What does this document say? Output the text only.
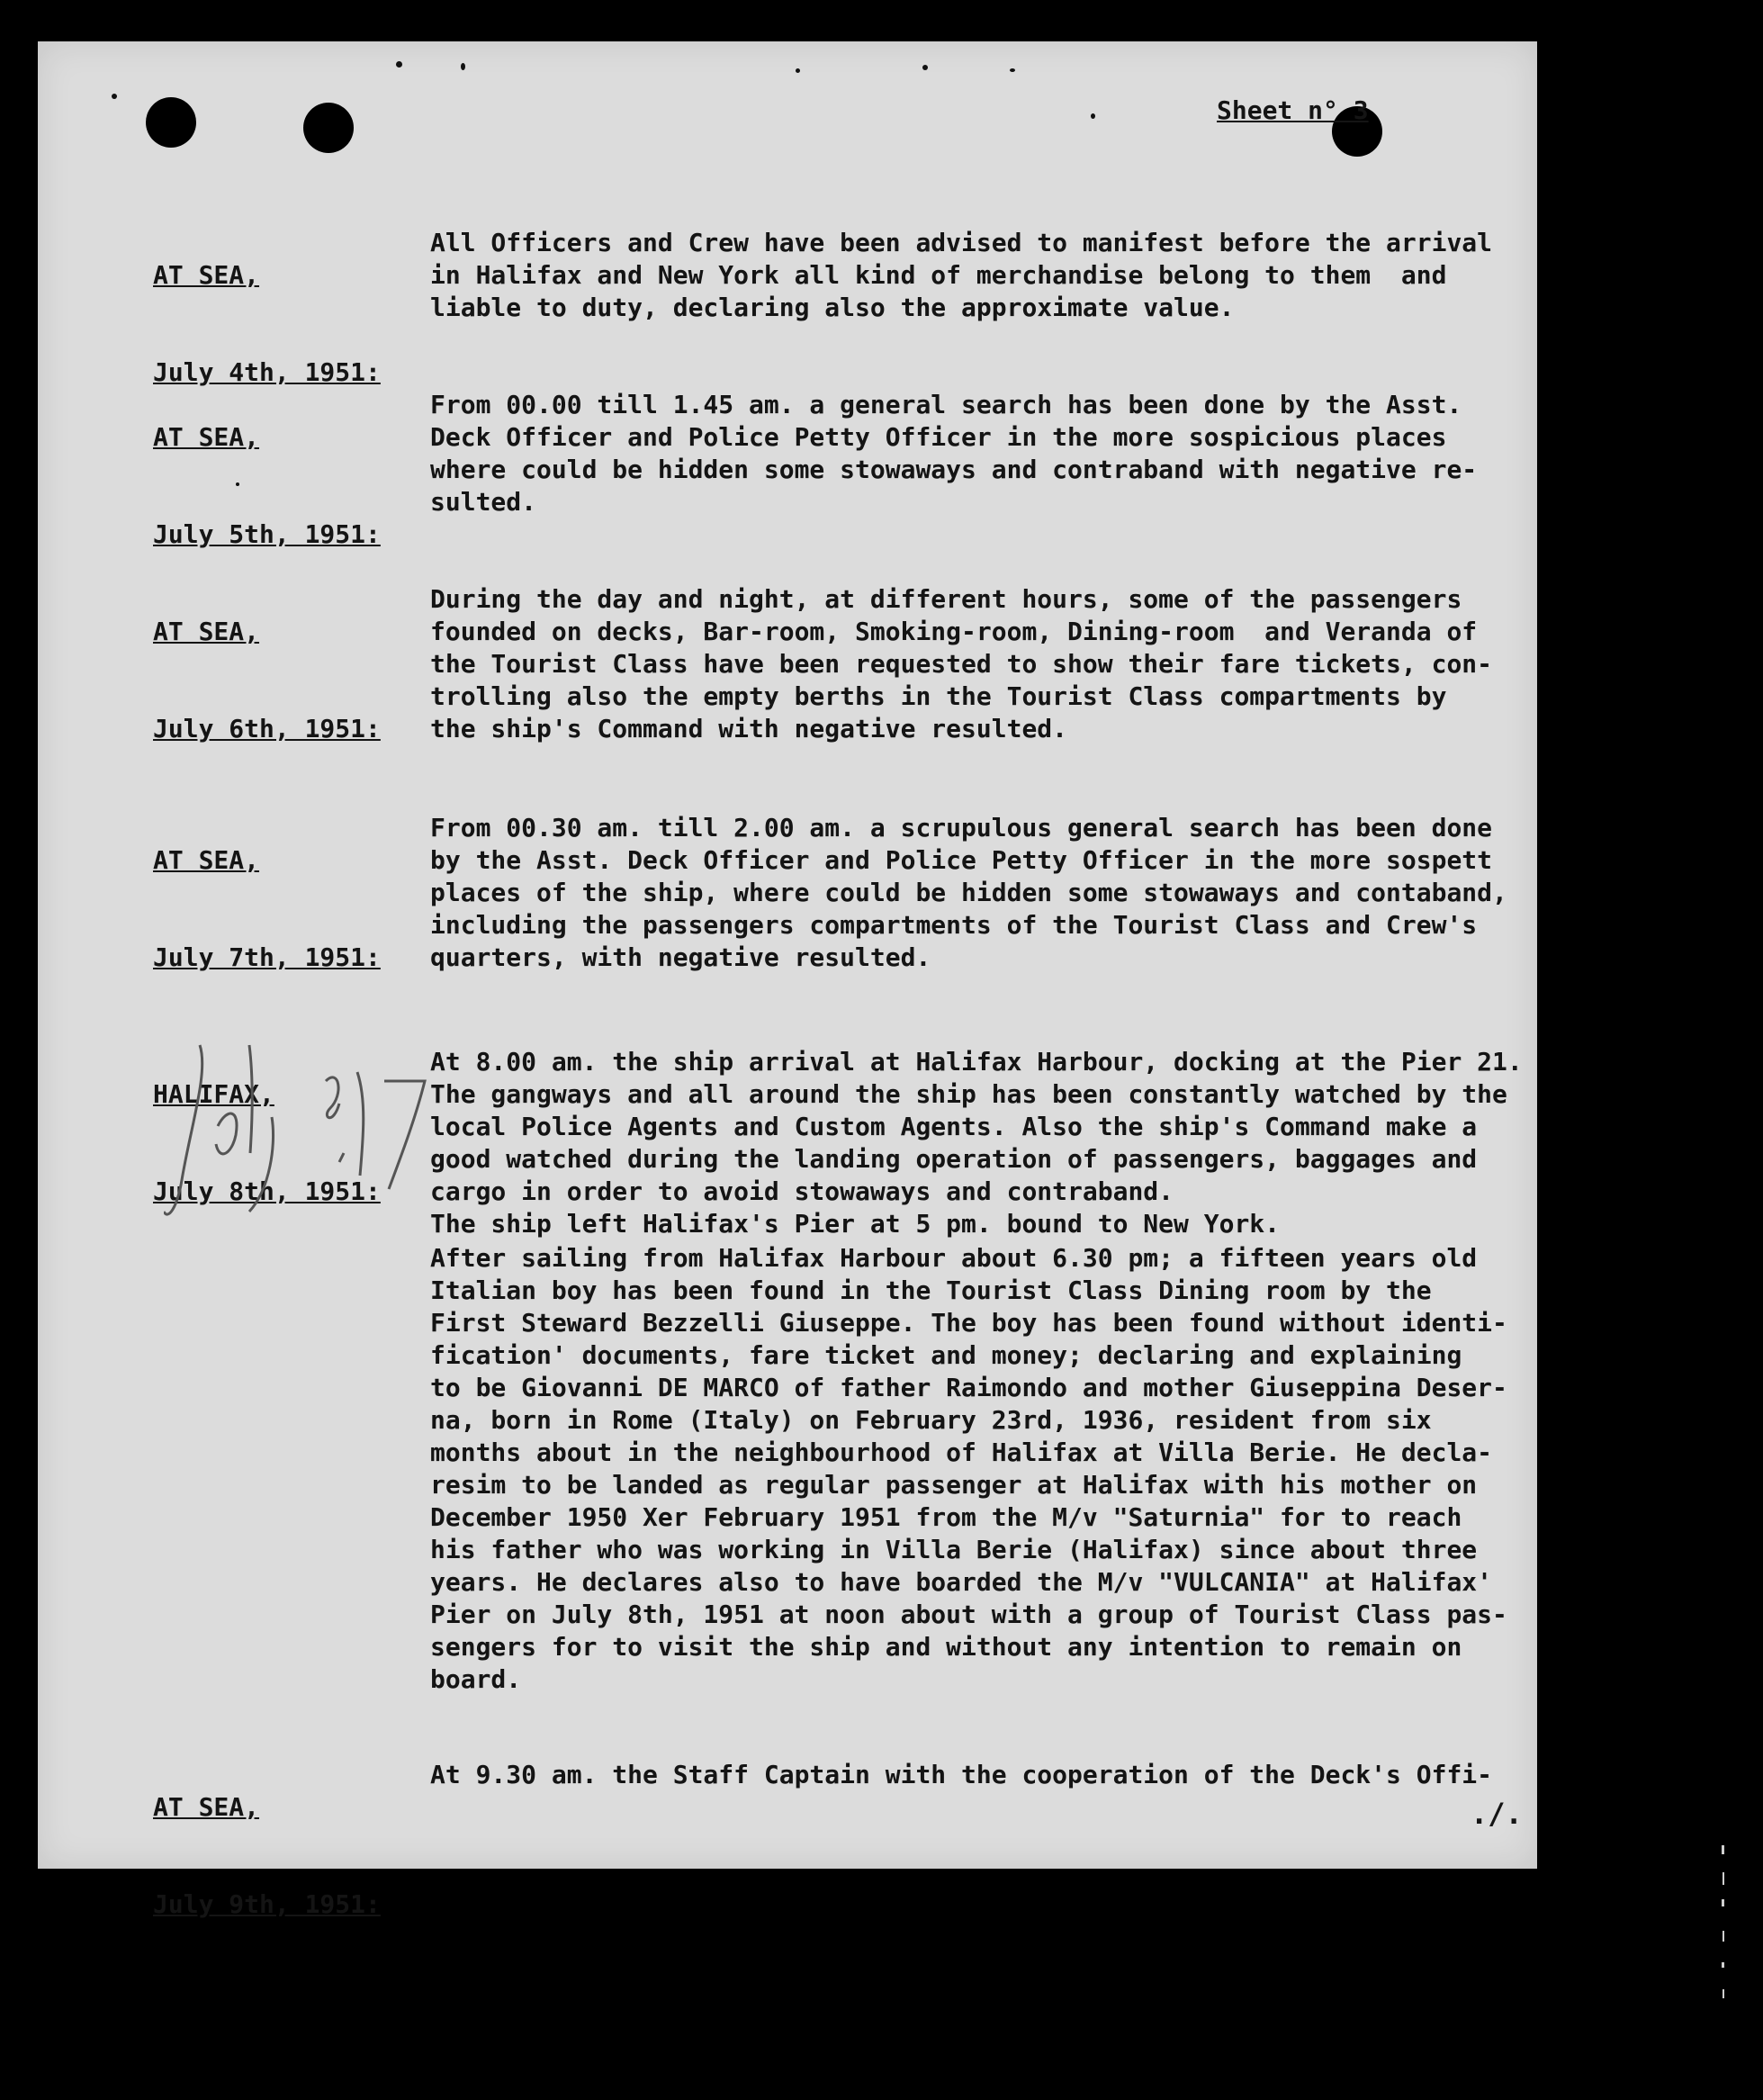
Sheet n° 3

AT SEA,

July 4th, 1951:

All Officers and Crew have been advised to manifest before the arrival

in Halifax and New York all kind of merchandise belong to them  and

liable to duty, declaring also the approximate value.

AT SEA,

July 5th, 1951:

From 00.00 till 1.45 am. a general search has been done by the Asst.

Deck Officer and Police Petty Officer in the more sospicious places

where could be hidden some stowaways and contraband with negative re-

sulted.

AT SEA,

July 6th, 1951:

During the day and night, at different hours, some of the passengers

founded on decks, Bar-room, Smoking-room, Dining-room  and Veranda of

the Tourist Class have been requested to show their fare tickets, con-

trolling also the empty berths in the Tourist Class compartments by

the ship's Command with negative resulted.

AT SEA,

July 7th, 1951:

From 00.30 am. till 2.00 am. a scrupulous general search has been done

by the Asst. Deck Officer and Police Petty Officer in the more sospett

places of the ship, where could be hidden some stowaways and contaband,

including the passengers compartments of the Tourist Class and Crew's

quarters, with negative resulted.

HALIFAX,

July 8th, 1951:

At 8.00 am. the ship arrival at Halifax Harbour, docking at the Pier 21.

The gangways and all around the ship has been constantly watched by the

local Police Agents and Custom Agents. Also the ship's Command make a

good watched during the landing operation of passengers, baggages and

cargo in order to avoid stowaways and contraband.

The ship left Halifax's Pier at 5 pm. bound to New York.

After sailing from Halifax Harbour about 6.30 pm; a fifteen years old

Italian boy has been found in the Tourist Class Dining room by the

First Steward Bezzelli Giuseppe. The boy has been found without identi-

fication' documents, fare ticket and money; declaring and explaining

to be Giovanni DE MARCO of father Raimondo and mother Giuseppina Deser-

na, born in Rome (Italy) on February 23rd, 1936, resident from six

months about in the neighbourhood of Halifax at Villa Berie. He decla-

resim to be landed as regular passenger at Halifax with his mother on

December 1950 Xer February 1951 from the M/v "Saturnia" for to reach

his father who was working in Villa Berie (Halifax) since about three

years. He declares also to have boarded the M/v "VULCANIA" at Halifax'

Pier on July 8th, 1951 at noon about with a group of Tourist Class pas-

sengers for to visit the ship and without any intention to remain on

board.

AT SEA,

July 9th, 1951:

At 9.30 am. the Staff Captain with the cooperation of the Deck's Offi-

./.
